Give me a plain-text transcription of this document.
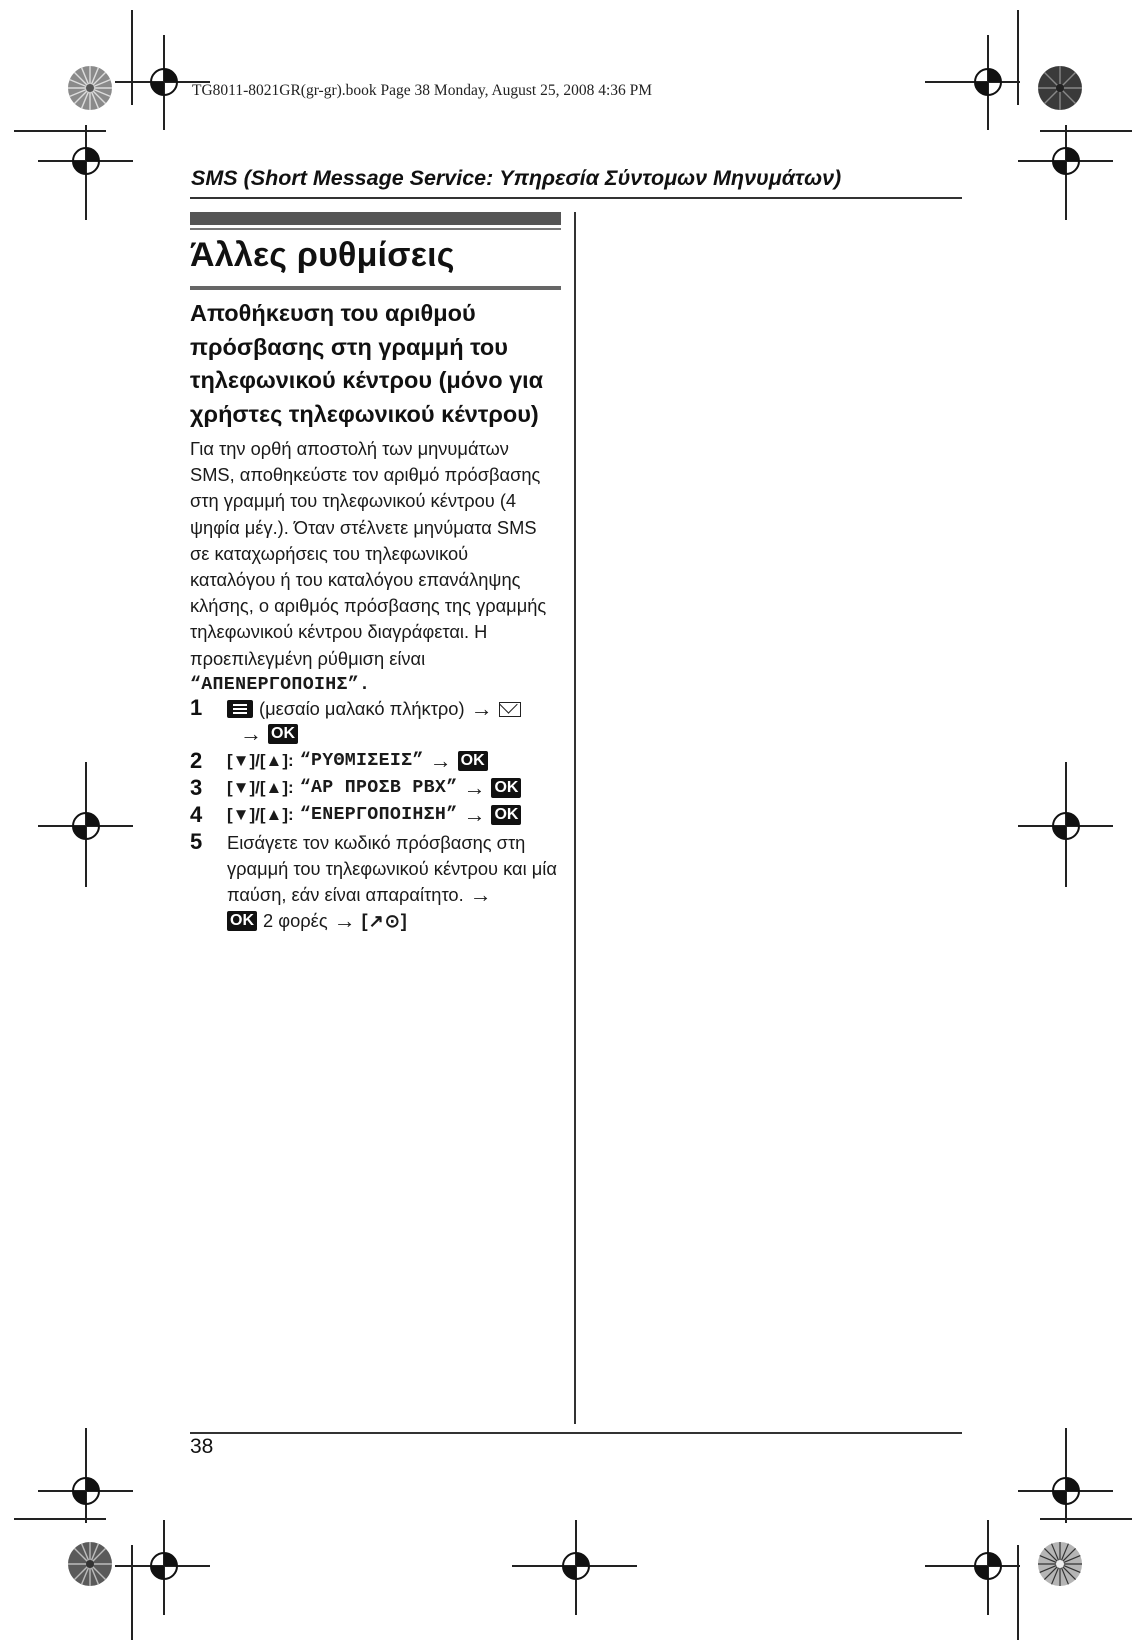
TG8011-8021GR(gr-gr).book Page 38 Monday, August 25, 2008 4:36 PM
SMS (Short Message Service: Υπηρεσία Σύντομων Μηνυμάτων)
Άλλες ρυθμίσεις
Αποθήκευση του αριθμού
πρόσβασης στη γραμμή του
τηλεφωνικού κέντρου (μόνο για
χρήστες τηλεφωνικού κέντρου)
Για την ορθή αποστολή των μηνυμάτων
SMS, αποθηκεύστε τον αριθμό πρόσβασης
στη γραμμή του τηλεφωνικού κέντρου (4
ψηφία μέγ.). Όταν στέλνετε μηνύματα SMS
σε καταχωρήσεις του τηλεφωνικού
καταλόγου ή του καταλόγου επανάληψης
κλήσης, ο αριθμός πρόσβασης της γραμμής
τηλεφωνικού κέντρου διαγράφεται. Η
προεπιλεγμένη ρύθμιση είναι
“ΑΠΕΝΕΡΓΟΠΟΙΗΣ”.
1	(μεσαίο μαλακό πλήκτρο) →
→ OK
2 [▼]/[▲]: “ΡΥΘΜΙΣΕΙΣ” → OK
3 [▼]/[▲]: “ΑΡ ΠΡΟΣΒ PBX” → OK
4 [▼]/[▲]: “ΕΝΕΡΓΟΠΟΙΗΣΗ” → OK
5 Εισάγετε τον κωδικό πρόσβασης στη
γραμμή του τηλεφωνικού κέντρου και μία
παύση, εάν είναι απαραίτητο. →
OK 2 φορές → [↗⊙]
38
